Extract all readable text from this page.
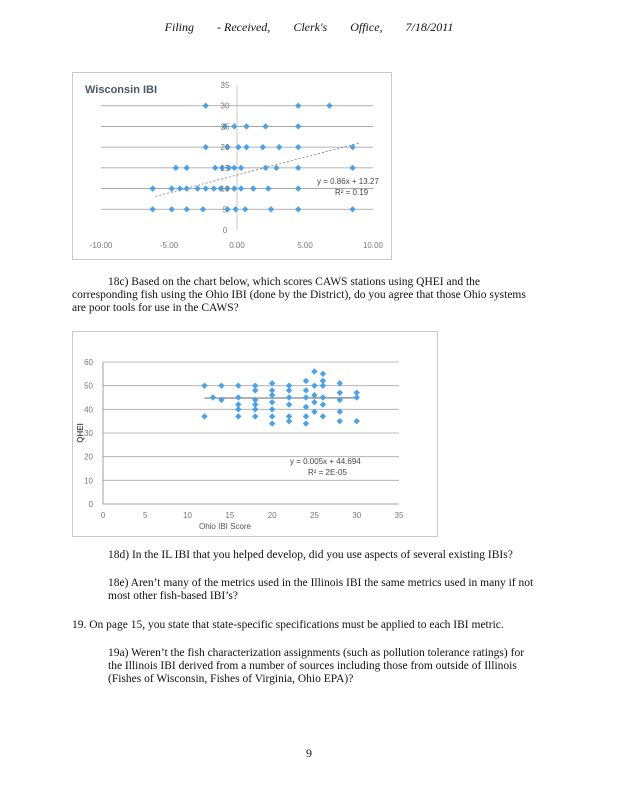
Filing - Received, Clerk's Office, 7/18/2011
0
5
10
15
20
25
30
35
-10.00	-5.00	0.00	5.00	10.00
Wisconsin IBI
y = 0.86x + 13.27
R² = 0.19
18c) Based on the chart below, which scores CAWS stations using QHEI and the corresponding fish using the Ohio IBI (done by the District), do you agree that those Ohio systems are poor tools for use in the CAWS?
0
10
20
30
40
50
60
0	5	10	15	20	25	30	35
y = 0.005x + 44.694
R² = 2E-05
Ohio IBI Score
QHEI
18d) In the IL IBI that you helped develop, did you use aspects of several existing IBIs?
18e) Aren’t many of the metrics used in the Illinois IBI the same metrics used in many if not most other fish-based IBI’s?
19. On page 15, you state that state-specific specifications must be applied to each IBI metric.
19a) Weren’t the fish characterization assignments (such as pollution tolerance ratings) for the Illinois IBI derived from a number of sources including those from outside of Illinois (Fishes of Wisconsin, Fishes of Virginia, Ohio EPA)?
9
